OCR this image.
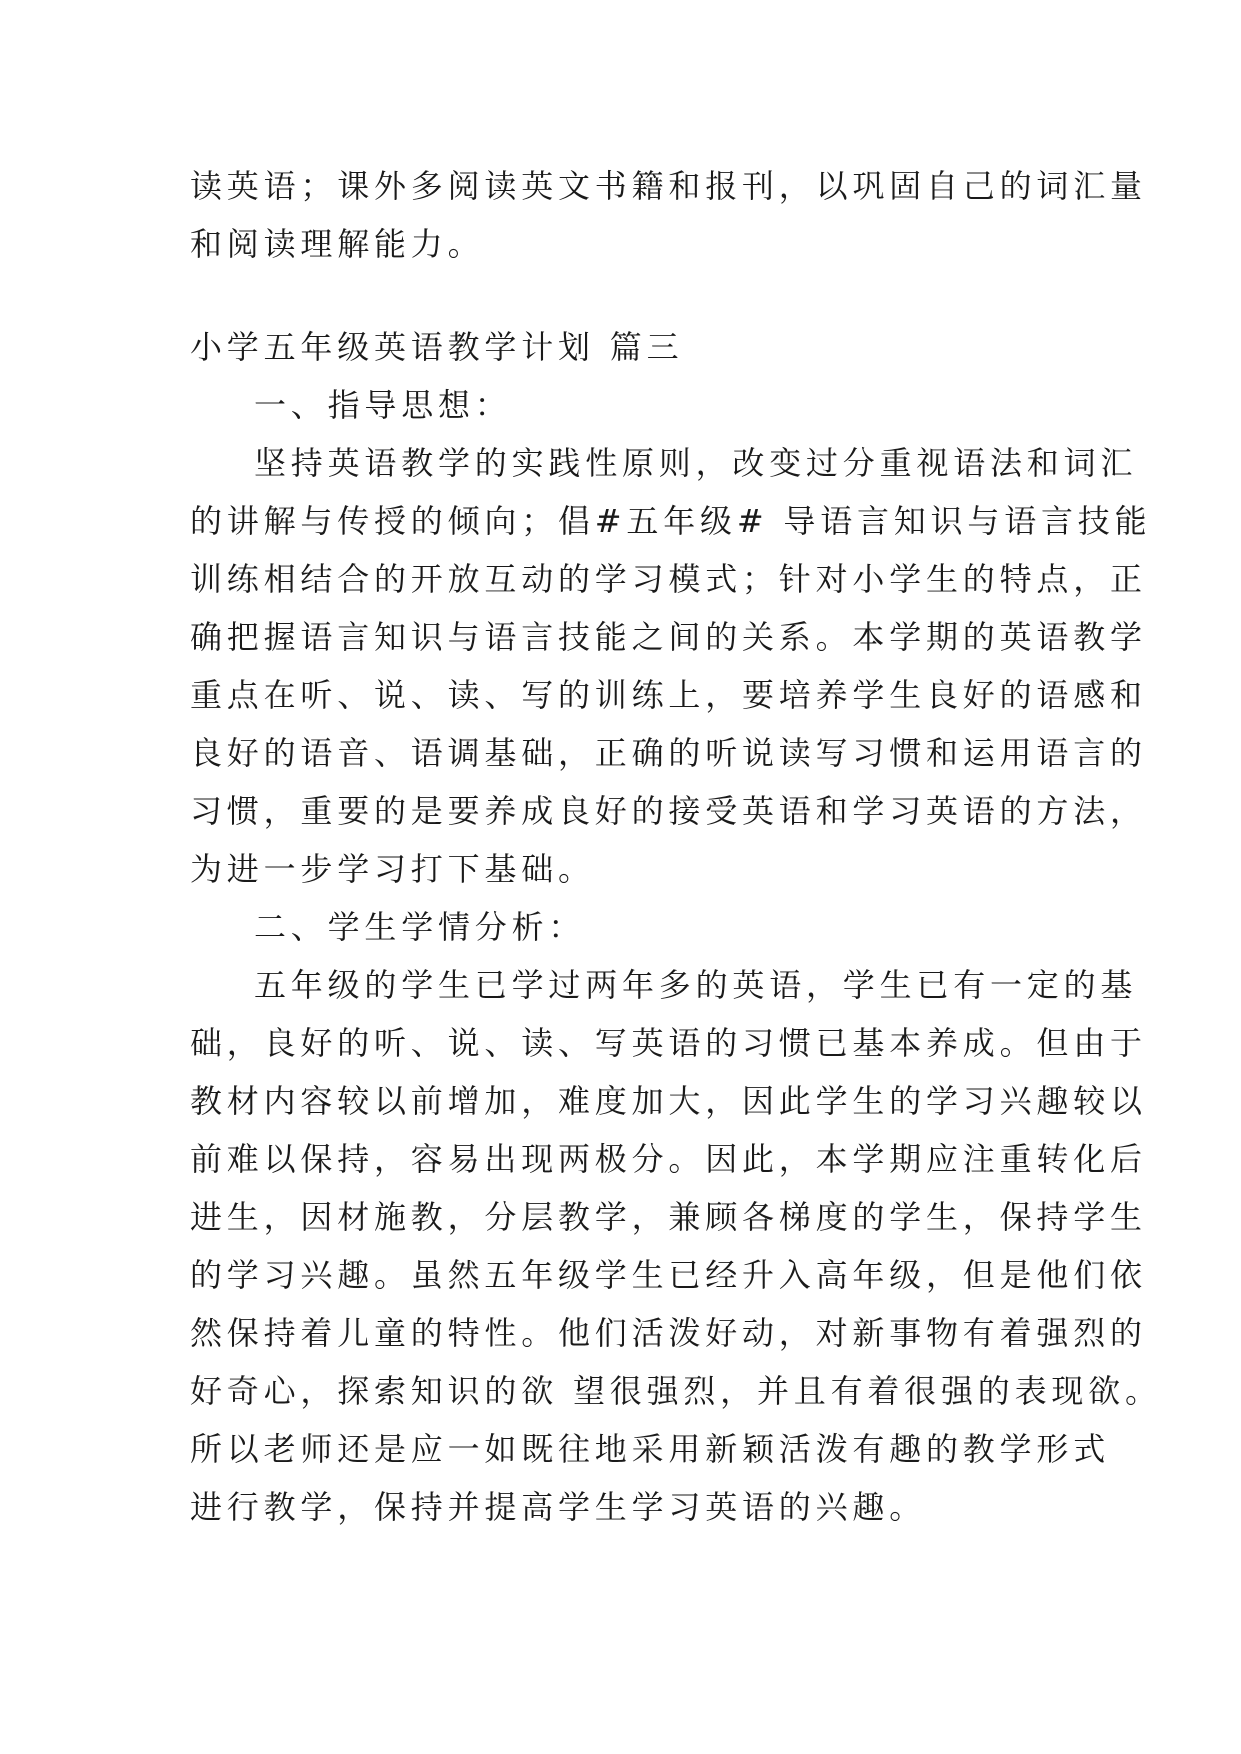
读英语；课外多阅读英文书籍和报刊，以巩固自己的词汇量
和阅读理解能力。
小学五年级英语教学计划 篇三
一、指导思想：
坚持英语教学的实践性原则，改变过分重视语法和词汇
的讲解与传授的倾向；倡#五年级# 导语言知识与语言技能
训练相结合的开放互动的学习模式；针对小学生的特点，正
确把握语言知识与语言技能之间的关系。本学期的英语教学
重点在听、说、读、写的训练上，要培养学生良好的语感和
良好的语音、语调基础，正确的听说读写习惯和运用语言的
习惯，重要的是要养成良好的接受英语和学习英语的方法，
为进一步学习打下基础。
二、学生学情分析：
五年级的学生已学过两年多的英语，学生已有一定的基
础，良好的听、说、读、写英语的习惯已基本养成。但由于
教材内容较以前增加，难度加大，因此学生的学习兴趣较以
前难以保持，容易出现两极分。因此，本学期应注重转化后
进生，因材施教，分层教学，兼顾各梯度的学生，保持学生
的学习兴趣。虽然五年级学生已经升入高年级，但是他们依
然保持着儿童的特性。他们活泼好动，对新事物有着强烈的
好奇心，探索知识的欲 望很强烈，并且有着很强的表现欲。
所以老师还是应一如既往地采用新颖活泼有趣的教学形式
进行教学，保持并提高学生学习英语的兴趣。
